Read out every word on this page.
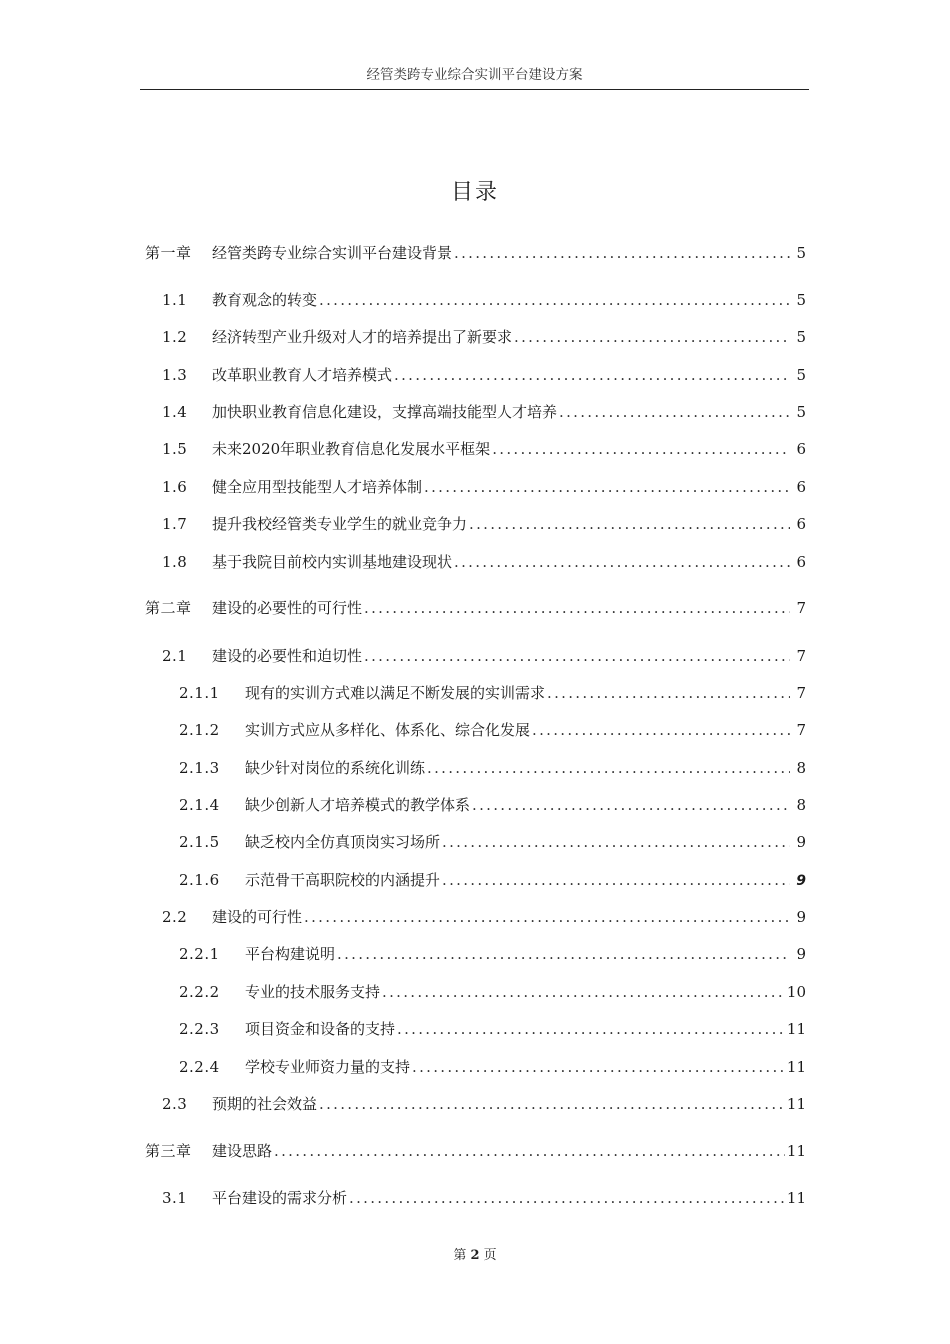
经管类跨专业综合实训平台建设方案
目录
第一章	经管类跨专业综合实训平台建设背景 .....	5
1.1	教育观念的转变 .....	5
1.2	经济转型产业升级对人才的培养提出了新要求 .....	5
1.3	改革职业教育人才培养模式 .....	5
1.4	加快职业教育信息化建设，支撑高端技能型人才培养 .....	5
1.5	未来2020年职业教育信息化发展水平框架 .....	6
1.6	健全应用型技能型人才培养体制 .....	6
1.7	提升我校经管类专业学生的就业竞争力 .....	6
1.8	基于我院目前校内实训基地建设现状 .....	6
第二章	建设的必要性的可行性 .....	7
2.1	建设的必要性和迫切性 .....	7
2.1.1	现有的实训方式难以满足不断发展的实训需求 .....	7
2.1.2	实训方式应从多样化、体系化、综合化发展 .....	7
2.1.3	缺少针对岗位的系统化训练 .....	8
2.1.4	缺少创新人才培养模式的教学体系 .....	8
2.1.5	缺乏校内全仿真顶岗实习场所 .....	9
2.1.6	示范骨干高职院校的内涵提升 .....	9
2.2	建设的可行性 .....	9
2.2.1	平台构建说明 .....	9
2.2.2	专业的技术服务支持 .....	10
2.2.3	项目资金和设备的支持 .....	11
2.2.4	学校专业师资力量的支持 .....	11
2.3	预期的社会效益 .....	11
第三章	建设思路 .....	11
3.1	平台建设的需求分析 .....	11
第 2 页
